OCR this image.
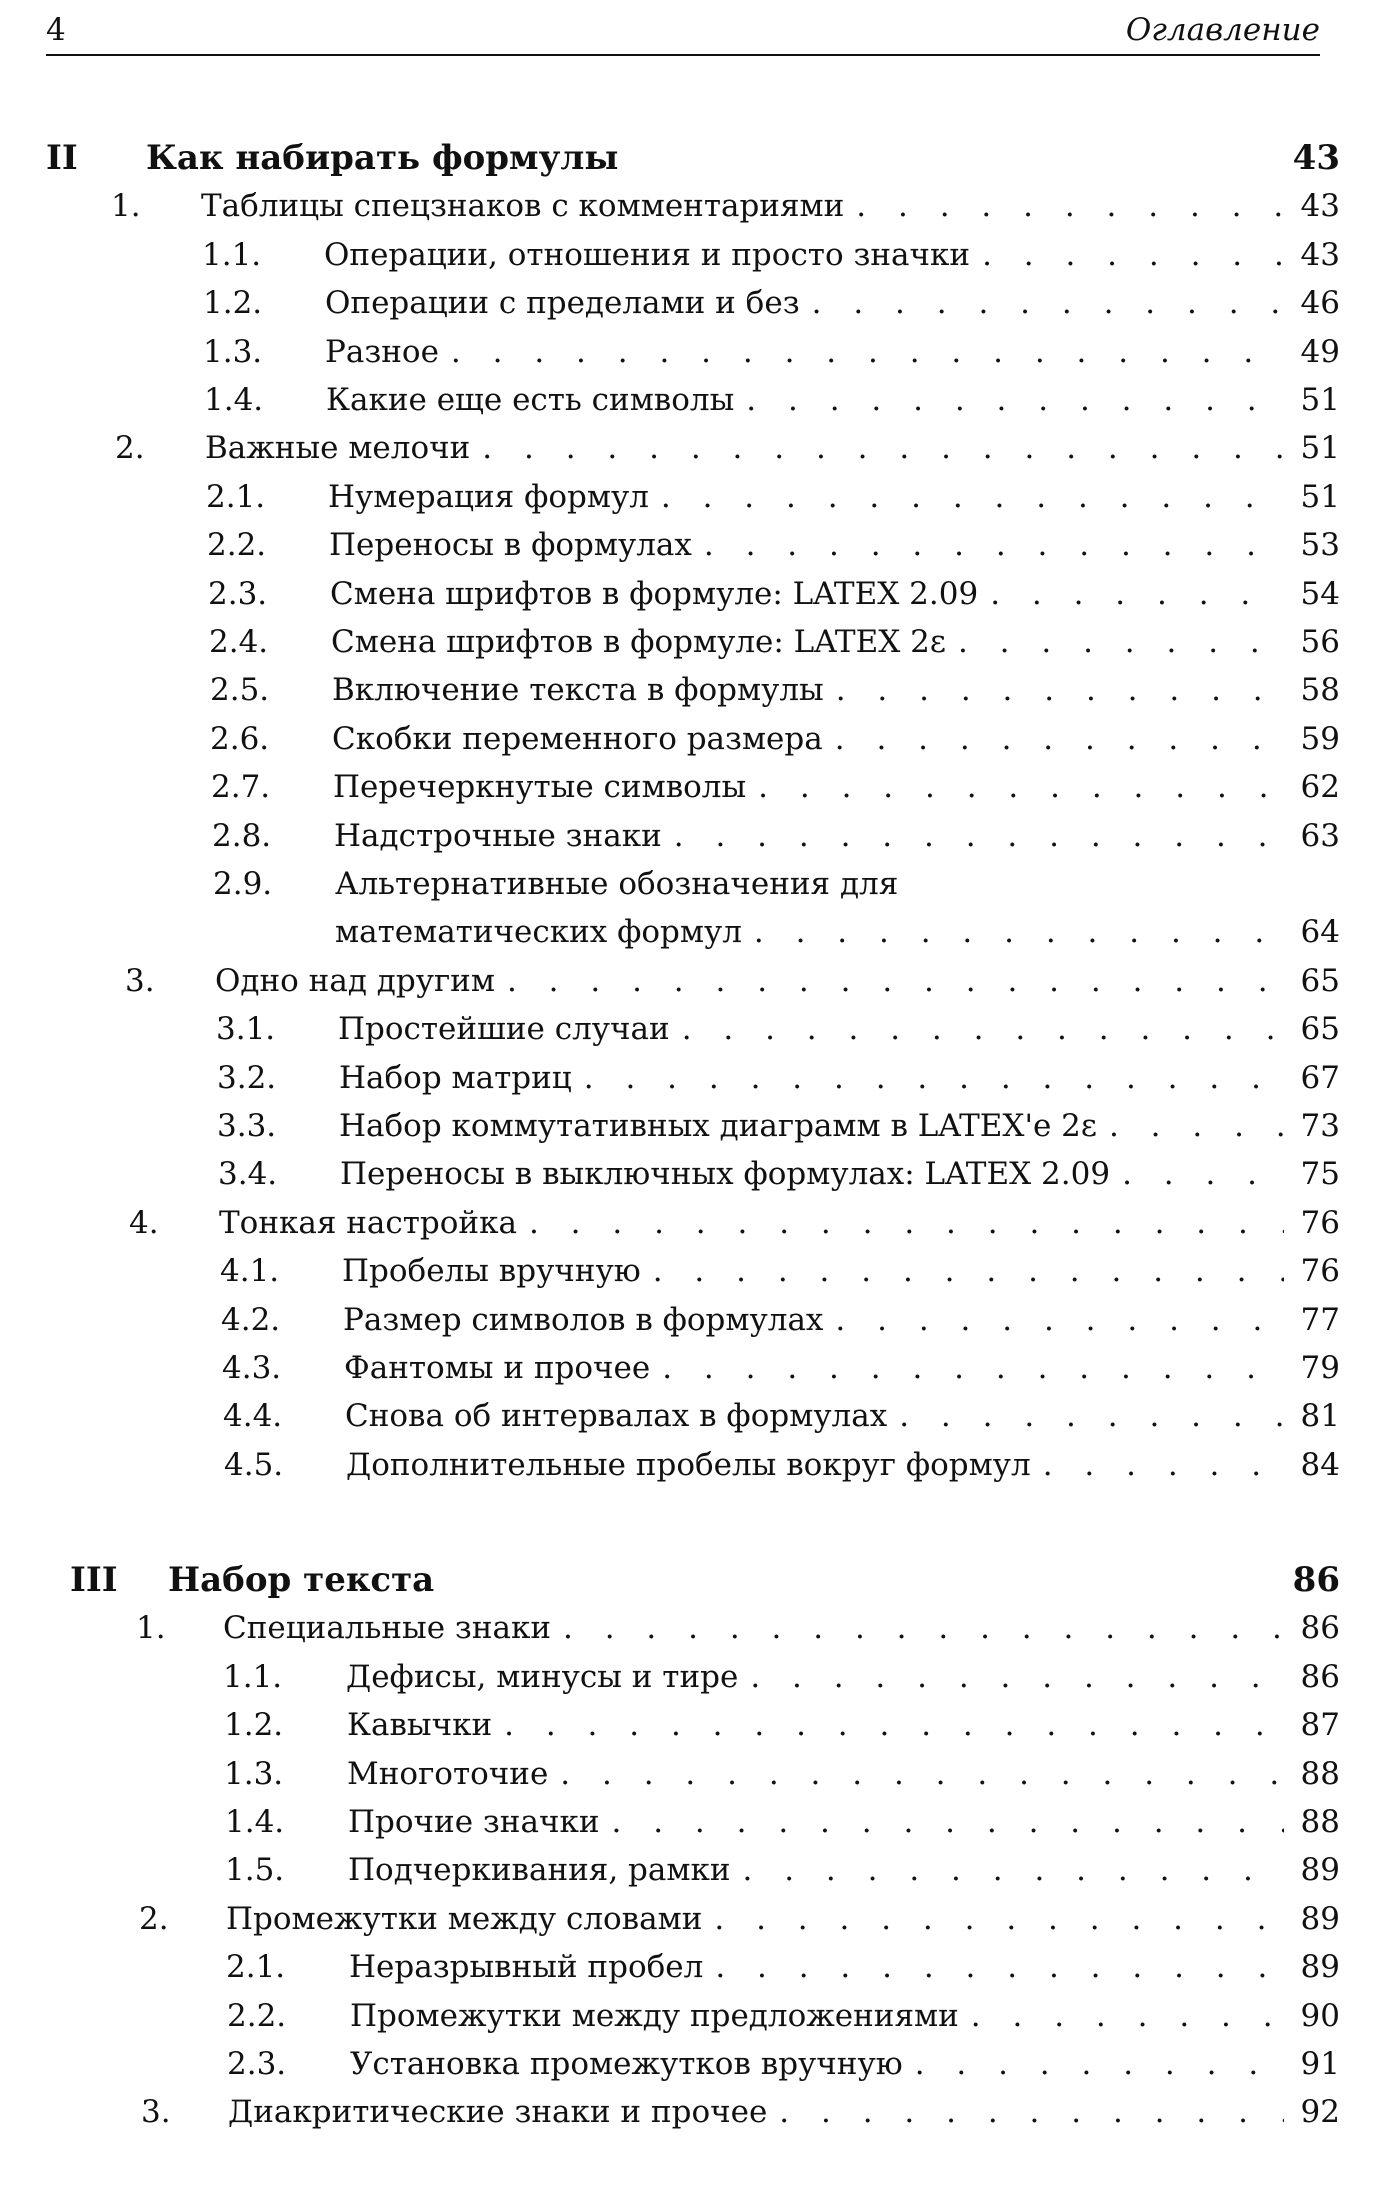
4	Оглавление
II Как набирать формулы	43
1. Таблицы спецзнаков с комментариями . . .	43
1.1. Операции, отношения и просто значки . . .	43
1.2. Операции с пределами и без . . .	46
1.3. Разное . . .	49
1.4. Какие еще есть символы . . .	51
2. Важные мелочи . . .	51
2.1. Нумерация формул . . .	51
2.2. Переносы в формулах . . .	53
2.3. Смена шрифтов в формуле: LATEX 2.09 . . .	54
2.4. Смена шрифтов в формуле: LATEX 2ε . . .	56
2.5. Включение текста в формулы . . .	58
2.6. Скобки переменного размера . . .	59
2.7. Перечеркнутые символы . . .	62
2.8. Надстрочные знаки . . .	63
2.9. Альтернативные обозначения для
математических формул . . .	64
3. Одно над другим . . .	65
3.1. Простейшие случаи . . .	65
3.2. Набор матриц . . .	67
3.3. Набор коммутативных диаграмм в LATEX'е 2ε . . .	73
3.4. Переносы в выключных формулах: LATEX 2.09 . . .	75
4. Тонкая настройка . . .	76
4.1. Пробелы вручную . . .	76
4.2. Размер символов в формулах . . .	77
4.3. Фантомы и прочее . . .	79
4.4. Снова об интервалах в формулах . . .	81
4.5. Дополнительные пробелы вокруг формул . . .	84
III Набор текста	86
1. Специальные знаки . . .	86
1.1. Дефисы, минусы и тире . . .	86
1.2. Кавычки . . .	87
1.3. Многоточие . . .	88
1.4. Прочие значки . . .	88
1.5. Подчеркивания, рамки . . .	89
2. Промежутки между словами . . .	89
2.1. Неразрывный пробел . . .	89
2.2. Промежутки между предложениями . . .	90
2.3. Установка промежутков вручную . . .	91
3. Диакритические знаки и прочее . . .	92
